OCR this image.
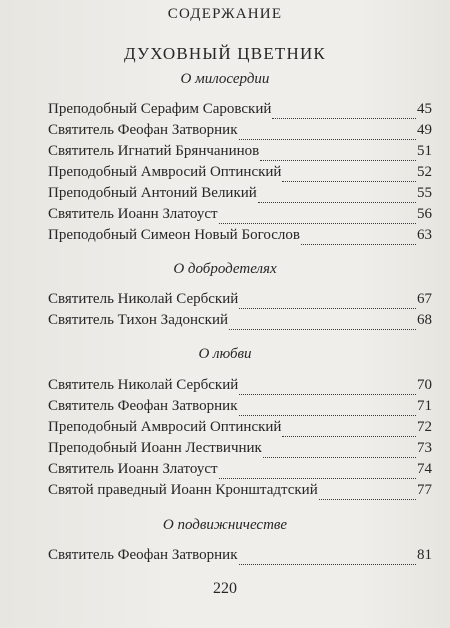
СОДЕРЖАНИЕ
ДУХОВНЫЙ ЦВЕТНИК
О милосердии
Преподобный Серафим Саровский	45
Святитель Феофан Затворник	49
Святитель Игнатий Брянчанинов	51
Преподобный Амвросий Оптинский	52
Преподобный Антоний Великий	55
Святитель Иоанн Златоуст	56
Преподобный Симеон Новый Богослов	63
О добродетелях
Святитель Николай Сербский	67
Святитель Тихон Задонский	68
О любви
Святитель Николай Сербский	70
Святитель Феофан Затворник	71
Преподобный Амвросий Оптинский	72
Преподобный Иоанн Лествичник	73
Святитель Иоанн Златоуст	74
Святой праведный Иоанн Кронштадтский	77
О подвижничестве
Святитель Феофан Затворник	81
220
